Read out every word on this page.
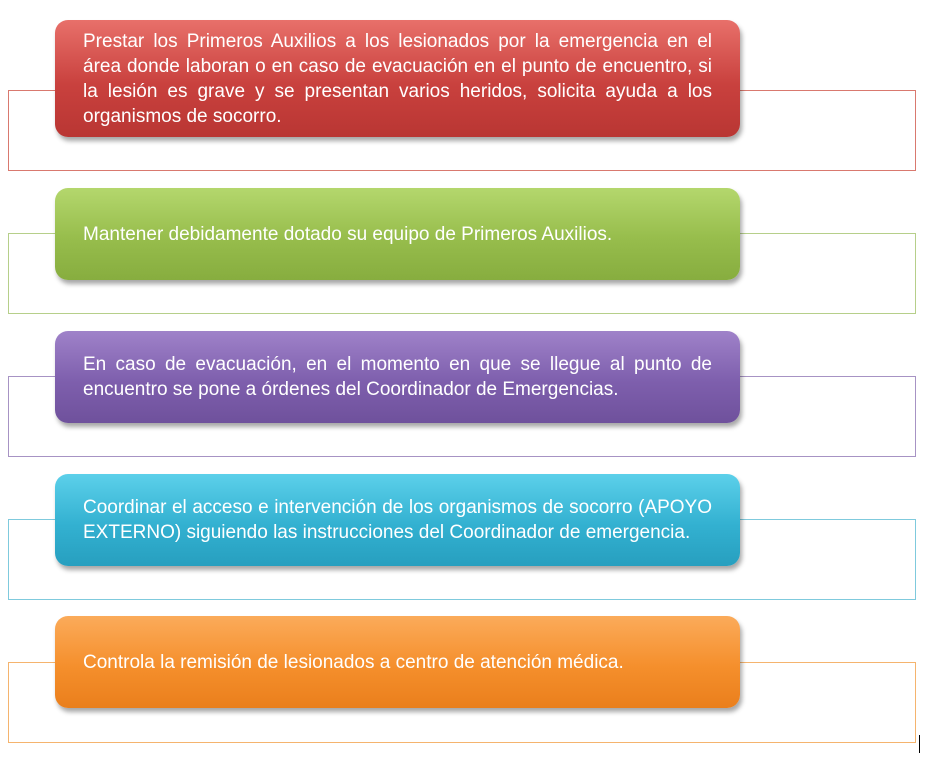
Prestar los Primeros Auxilios a los lesionados por la emergencia en el área donde laboran o en caso de evacuación en el punto de encuentro, si la lesión es grave y se presentan varios heridos, solicita ayuda a los organismos de socorro.
Mantener debidamente dotado su equipo de Primeros Auxilios.
En caso de evacuación, en el momento en que se llegue al punto de encuentro se pone a órdenes del Coordinador de Emergencias.
Coordinar el acceso e intervención de los organismos de socorro (APOYO EXTERNO) siguiendo las instrucciones del Coordinador de emergencia.
Controla la remisión de lesionados a centro de atención médica.
